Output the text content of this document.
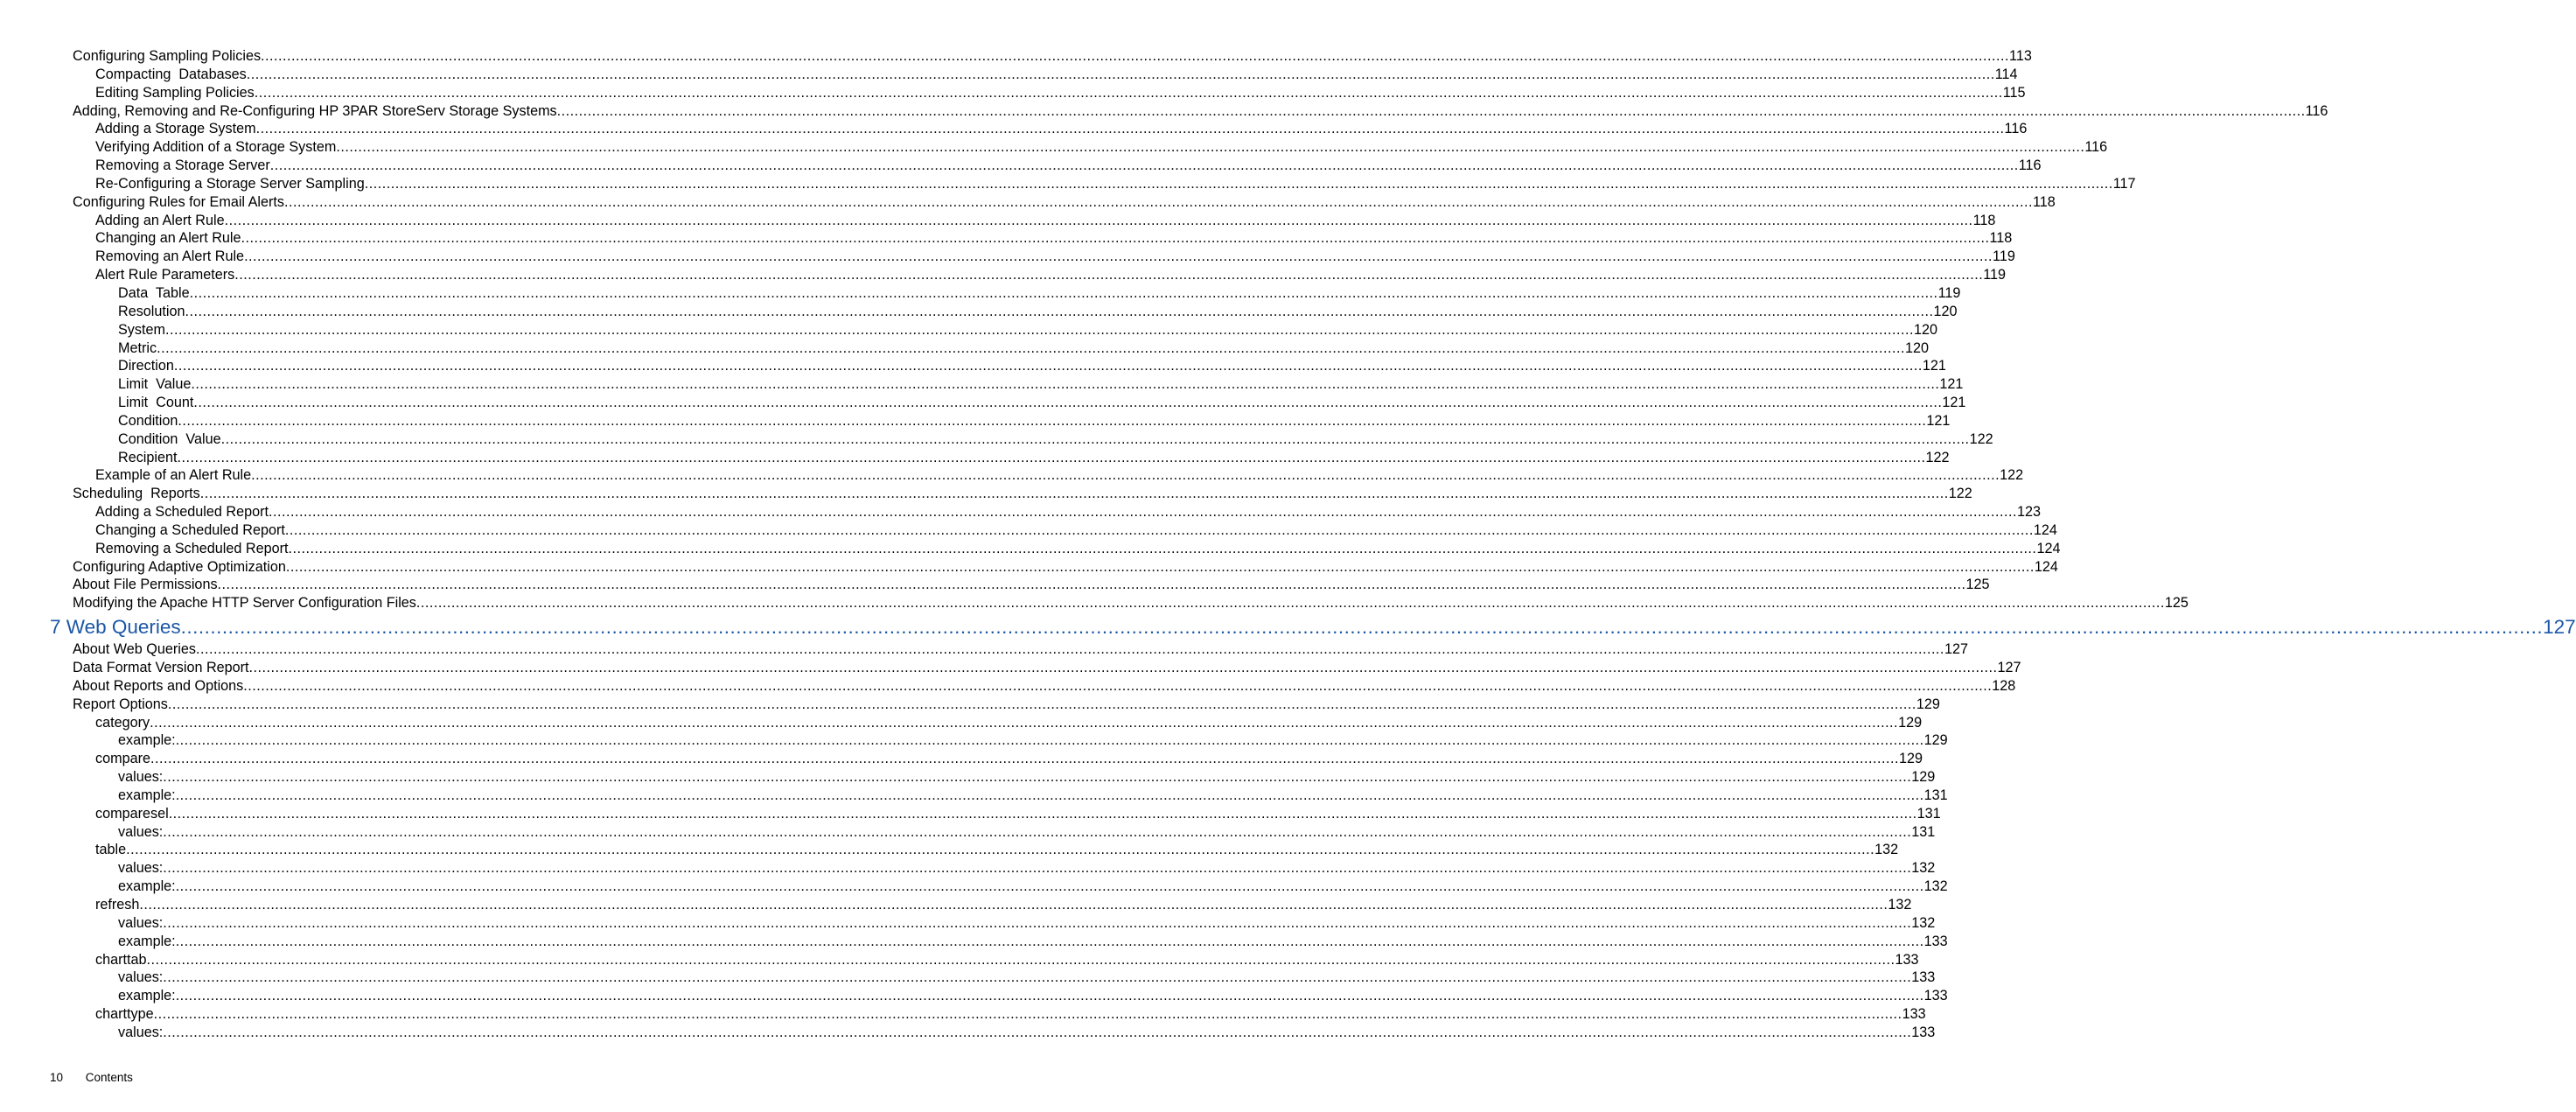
Configuring Sampling Policies ................................................................................................................................................................................................................................................................................................................................................................................................................ 113
Compacting  Databases ................................................................................................................................................................................................................................................................................................................................................................................................................ 114
Editing Sampling Policies ................................................................................................................................................................................................................................................................................................................................................................................................................ 115
Adding, Removing and Re-Configuring HP 3PAR StoreServ Storage Systems ................................................................................................................................................................................................................................................................................................................................................................................................................ 116
Adding a Storage System ................................................................................................................................................................................................................................................................................................................................................................................................................ 116
Verifying Addition of a Storage System ................................................................................................................................................................................................................................................................................................................................................................................................................ 116
Removing a Storage Server ................................................................................................................................................................................................................................................................................................................................................................................................................ 116
Re-Configuring a Storage Server Sampling ................................................................................................................................................................................................................................................................................................................................................................................................................ 117
Configuring Rules for Email Alerts ................................................................................................................................................................................................................................................................................................................................................................................................................ 118
Adding an Alert Rule ................................................................................................................................................................................................................................................................................................................................................................................................................ 118
Changing an Alert Rule ................................................................................................................................................................................................................................................................................................................................................................................................................ 118
Removing an Alert Rule ................................................................................................................................................................................................................................................................................................................................................................................................................ 119
Alert Rule Parameters ................................................................................................................................................................................................................................................................................................................................................................................................................ 119
Data  Table ................................................................................................................................................................................................................................................................................................................................................................................................................ 119
Resolution ................................................................................................................................................................................................................................................................................................................................................................................................................ 120
System ................................................................................................................................................................................................................................................................................................................................................................................................................ 120
Metric ................................................................................................................................................................................................................................................................................................................................................................................................................ 120
Direction ................................................................................................................................................................................................................................................................................................................................................................................................................ 121
Limit  Value ................................................................................................................................................................................................................................................................................................................................................................................................................ 121
Limit  Count ................................................................................................................................................................................................................................................................................................................................................................................................................ 121
Condition ................................................................................................................................................................................................................................................................................................................................................................................................................ 121
Condition  Value ................................................................................................................................................................................................................................................................................................................................................................................................................ 122
Recipient ................................................................................................................................................................................................................................................................................................................................................................................................................ 122
Example of an Alert Rule ................................................................................................................................................................................................................................................................................................................................................................................................................ 122
Scheduling  Reports ................................................................................................................................................................................................................................................................................................................................................................................................................ 122
Adding a Scheduled Report ................................................................................................................................................................................................................................................................................................................................................................................................................ 123
Changing a Scheduled Report ................................................................................................................................................................................................................................................................................................................................................................................................................ 124
Removing a Scheduled Report ................................................................................................................................................................................................................................................................................................................................................................................................................ 124
Configuring Adaptive Optimization ................................................................................................................................................................................................................................................................................................................................................................................................................ 124
About File Permissions ................................................................................................................................................................................................................................................................................................................................................................................................................ 125
Modifying the Apache HTTP Server Configuration Files ................................................................................................................................................................................................................................................................................................................................................................................................................ 125
7 Web Queries ................................................................................................................................................................................................................................................................................................................................................................................................................ 127
About Web Queries ................................................................................................................................................................................................................................................................................................................................................................................................................ 127
Data Format Version Report ................................................................................................................................................................................................................................................................................................................................................................................................................ 127
About Reports and Options ................................................................................................................................................................................................................................................................................................................................................................................................................ 128
Report Options ................................................................................................................................................................................................................................................................................................................................................................................................................ 129
category ................................................................................................................................................................................................................................................................................................................................................................................................................ 129
example: ................................................................................................................................................................................................................................................................................................................................................................................................................ 129
compare ................................................................................................................................................................................................................................................................................................................................................................................................................ 129
values: ................................................................................................................................................................................................................................................................................................................................................................................................................ 129
example: ................................................................................................................................................................................................................................................................................................................................................................................................................ 131
comparesel ................................................................................................................................................................................................................................................................................................................................................................................................................ 131
values: ................................................................................................................................................................................................................................................................................................................................................................................................................ 131
table ................................................................................................................................................................................................................................................................................................................................................................................................................ 132
values: ................................................................................................................................................................................................................................................................................................................................................................................................................ 132
example: ................................................................................................................................................................................................................................................................................................................................................................................................................ 132
refresh ................................................................................................................................................................................................................................................................................................................................................................................................................ 132
values: ................................................................................................................................................................................................................................................................................................................................................................................................................ 132
example: ................................................................................................................................................................................................................................................................................................................................................................................................................ 133
charttab ................................................................................................................................................................................................................................................................................................................................................................................................................ 133
values: ................................................................................................................................................................................................................................................................................................................................................................................................................ 133
example: ................................................................................................................................................................................................................................................................................................................................................................................................................ 133
charttype ................................................................................................................................................................................................................................................................................................................................................................................................................ 133
values: ................................................................................................................................................................................................................................................................................................................................................................................................................ 133
10 Contents
